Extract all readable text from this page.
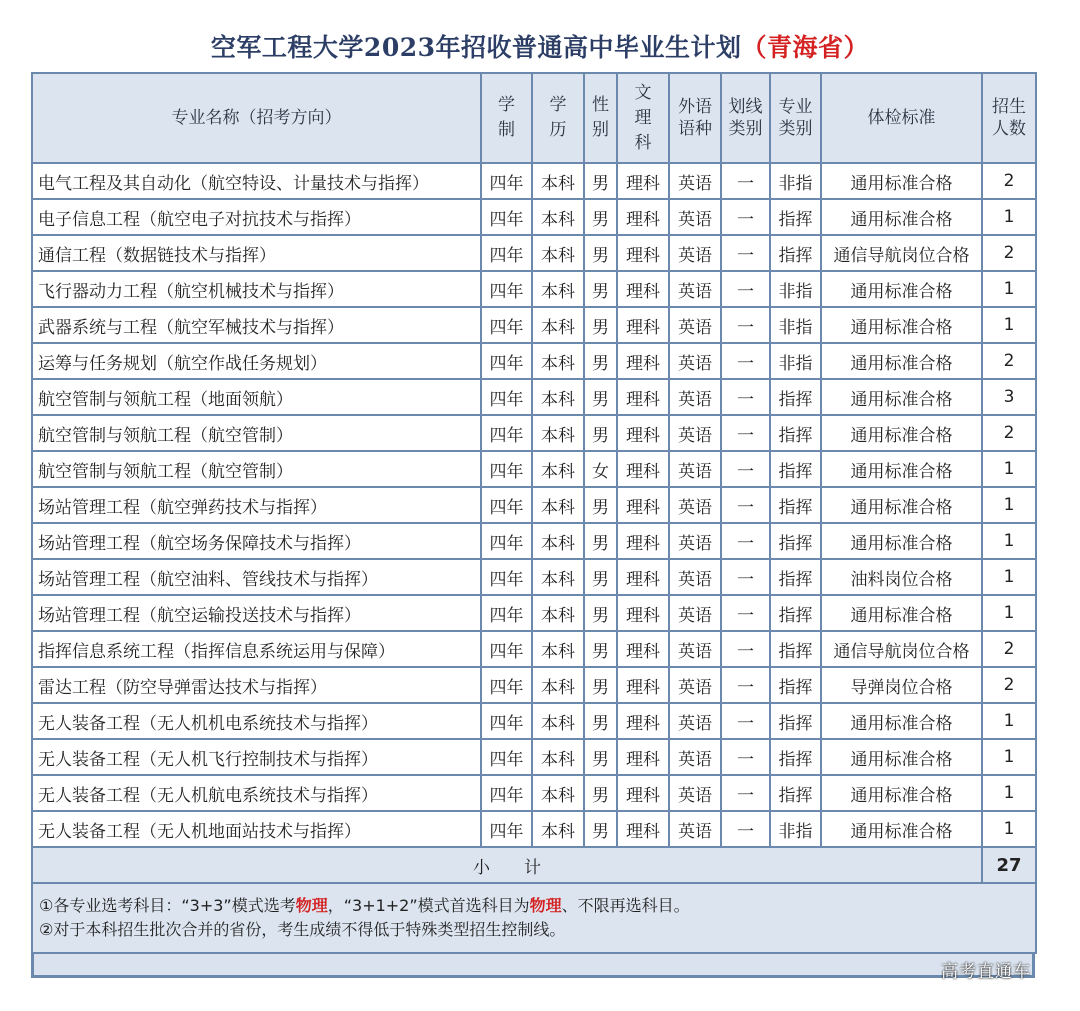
空军工程大学2023年招收普通高中毕业生计划（青海省）
专业名称（招考方向）	学制	学历	性别	文理科	外语语种	划线类别	专业类别	体检标准	招生人数
电气工程及其自动化（航空特设、计量技术与指挥）	四年	本科	男	理科	英语	一	非指	通用标准合格	2
电子信息工程（航空电子对抗技术与指挥）	四年	本科	男	理科	英语	一	指挥	通用标准合格	1
通信工程（数据链技术与指挥）	四年	本科	男	理科	英语	一	指挥	通信导航岗位合格	2
飞行器动力工程（航空机械技术与指挥）	四年	本科	男	理科	英语	一	非指	通用标准合格	1
武器系统与工程（航空军械技术与指挥）	四年	本科	男	理科	英语	一	非指	通用标准合格	1
运筹与任务规划（航空作战任务规划）	四年	本科	男	理科	英语	一	非指	通用标准合格	2
航空管制与领航工程（地面领航）	四年	本科	男	理科	英语	一	指挥	通用标准合格	3
航空管制与领航工程（航空管制）	四年	本科	男	理科	英语	一	指挥	通用标准合格	2
航空管制与领航工程（航空管制）	四年	本科	女	理科	英语	一	指挥	通用标准合格	1
场站管理工程（航空弹药技术与指挥）	四年	本科	男	理科	英语	一	指挥	通用标准合格	1
场站管理工程（航空场务保障技术与指挥）	四年	本科	男	理科	英语	一	指挥	通用标准合格	1
场站管理工程（航空油料、管线技术与指挥）	四年	本科	男	理科	英语	一	指挥	油料岗位合格	1
场站管理工程（航空运输投送技术与指挥）	四年	本科	男	理科	英语	一	指挥	通用标准合格	1
指挥信息系统工程（指挥信息系统运用与保障）	四年	本科	男	理科	英语	一	指挥	通信导航岗位合格	2
雷达工程（防空导弹雷达技术与指挥）	四年	本科	男	理科	英语	一	指挥	导弹岗位合格	2
无人装备工程（无人机机电系统技术与指挥）	四年	本科	男	理科	英语	一	指挥	通用标准合格	1
无人装备工程（无人机飞行控制技术与指挥）	四年	本科	男	理科	英语	一	指挥	通用标准合格	1
无人装备工程（无人机航电系统技术与指挥）	四年	本科	男	理科	英语	一	指挥	通用标准合格	1
无人装备工程（无人机地面站技术与指挥）	四年	本科	男	理科	英语	一	非指	通用标准合格	1
小　　计									27

①各专业选考科目：“3+3”模式选考物理，“3+1+2”模式首选科目为物理、不限再选科目。
②对于本科招生批次合并的省份，考生成绩不得低于特殊类型招生控制线。									
高考直通车
